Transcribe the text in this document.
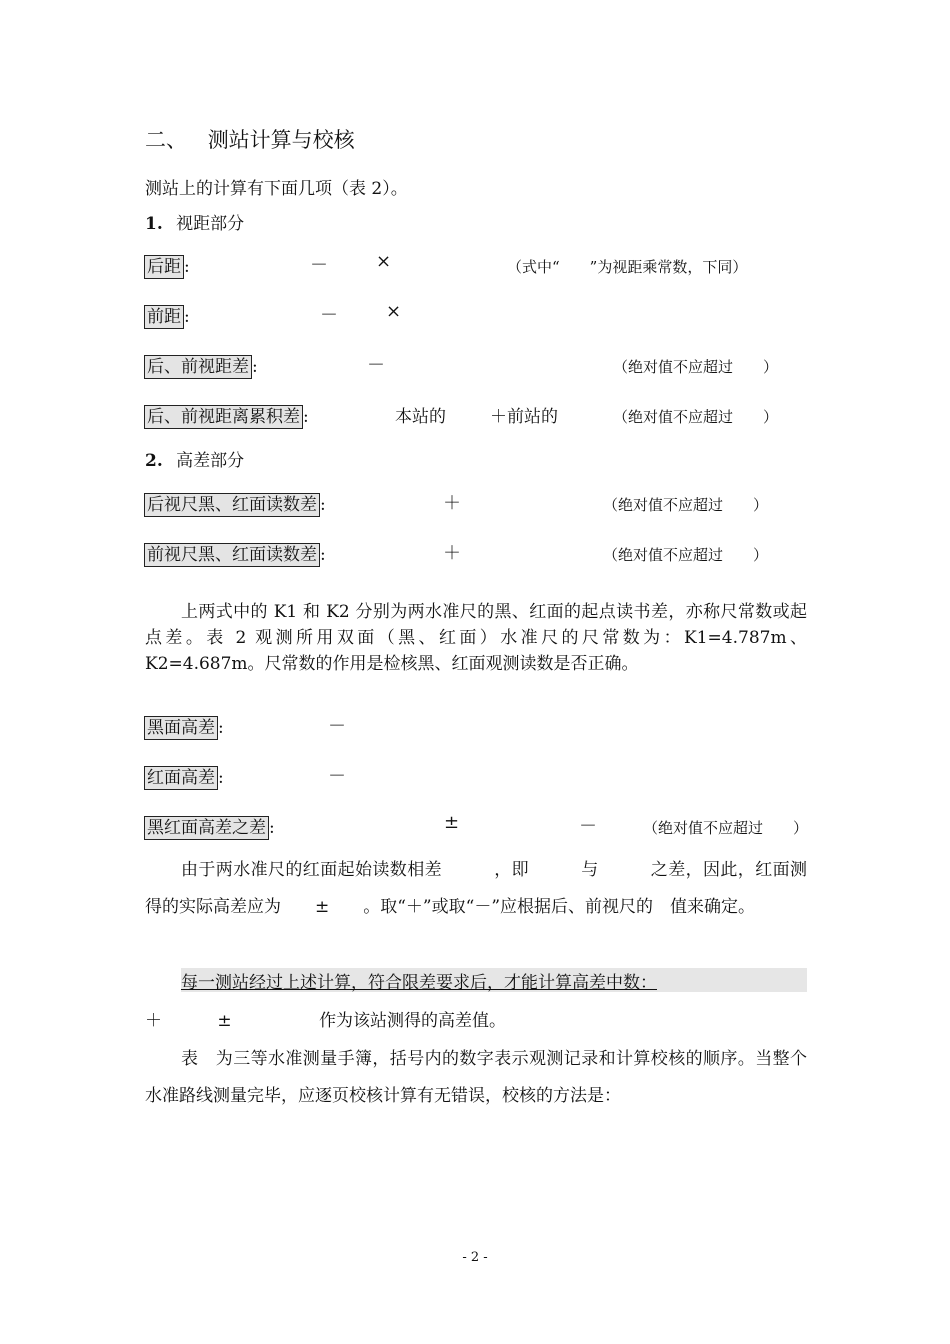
二、 测站计算与校核
测站上的计算有下面几项（表 2）。
1. 视距部分
后距 :	－	×	（式中“　　”为视距乘常数，下同）
前距 :	－	×
后、前视距差 :	－	（绝对值不应超过　　）
后、前视距离累积差 :	本站的	＋前站的	（绝对值不应超过　　）
2. 高差部分
后视尺黑、红面读数差 :	＋	（绝对值不应超过　　）
前视尺黑、红面读数差 :	＋	（绝对值不应超过　　）

上两式中的 K1 和 K2 分别为两水准尺的黑、红面的起点读书差，亦称尺常数或起点差。表 2 观测所用双面（黑、红面）水准尺的尺常数为：K1=4.787m、K2=4.687m。尺常数的作用是检核黑、红面观测读数是否正确。

黑面高差 :	－
红面高差 :	－
黑红面高差之差 :	±	－	（绝对值不应超过　　）

由于两水准尺的红面起始读数相差　　　，即　　　与　　　之差，因此，红面测得的实际高差应为　　±　　。取“＋”或取“－”应根据后、前视尺的　值来确定。

每一测站经过上述计算，符合限差要求后，才能计算高差中数：
＋	±	作为该站测得的高差值。

表　为三等水准测量手簿，括号内的数字表示观测记录和计算校核的顺序。当整个水准路线测量完毕，应逐页校核计算有无错误，校核的方法是：

- 2 -
